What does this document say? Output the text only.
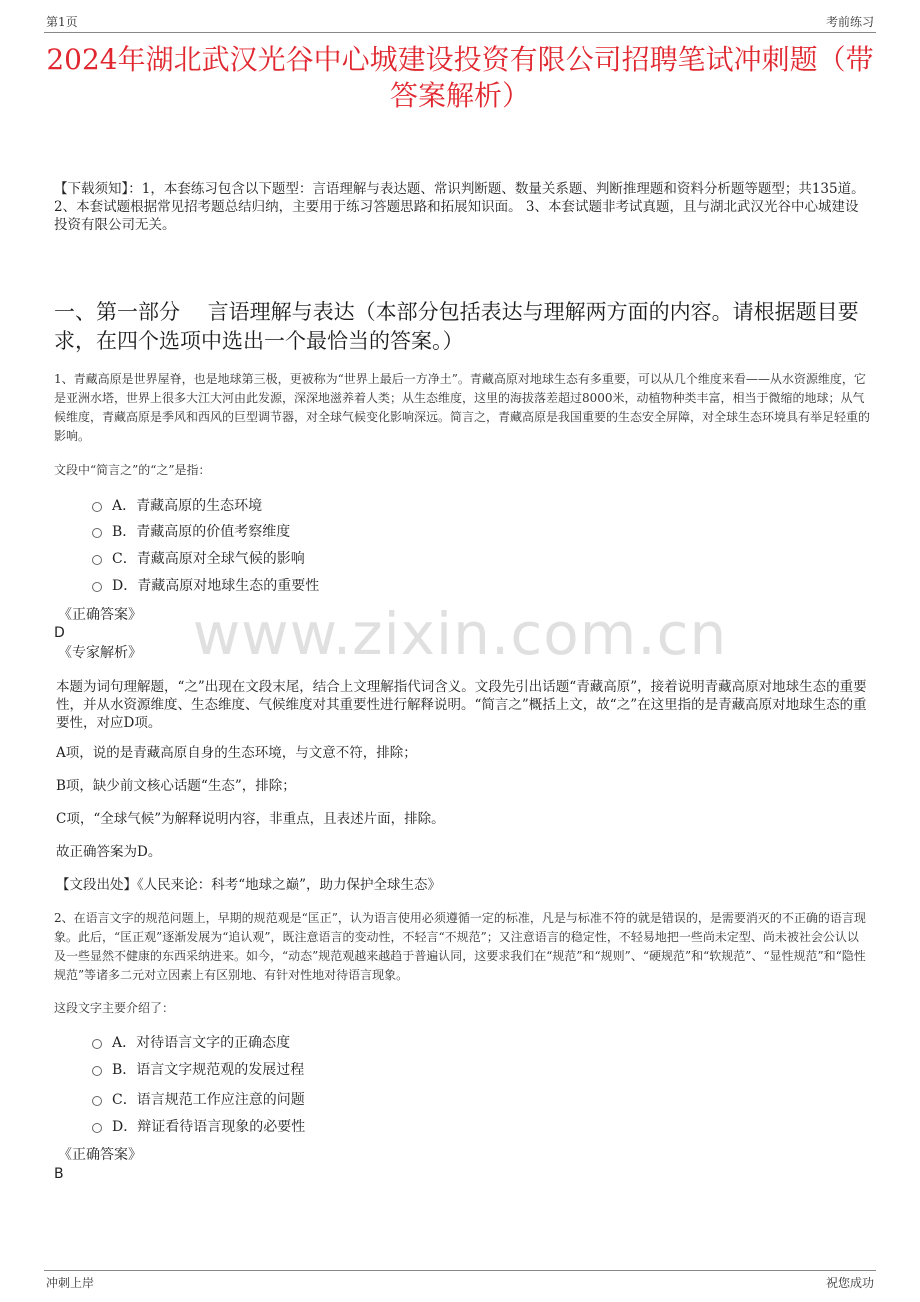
第1页	考前练习
2024年湖北武汉光谷中心城建设投资有限公司招聘笔试冲刺题（带答案解析）
【下载须知】：1，本套练习包含以下题型：言语理解与表达题、常识判断题、数量关系题、判断推理题和资料分析题等题型；共135道。 2、本套试题根据常见招考题总结归纳，主要用于练习答题思路和拓展知识面。 3、本套试题非考试真题，且与湖北武汉光谷中心城建设投资有限公司无关。
一、第一部分　 言语理解与表达（本部分包括表达与理解两方面的内容。请根据题目要求，在四个选项中选出一个最恰当的答案。）
1、青藏高原是世界屋脊，也是地球第三极，更被称为“世界上最后一方净土”。青藏高原对地球生态有多重要，可以从几个维度来看——从水资源维度，它是亚洲水塔，世界上很多大江大河由此发源，深深地滋养着人类；从生态维度，这里的海拔落差超过8000米，动植物种类丰富，相当于微缩的地球；从气候维度，青藏高原是季风和西风的巨型调节器，对全球气候变化影响深远。简言之，青藏高原是我国重要的生态安全屏障，对全球生态环境具有举足轻重的影响。
文段中“简言之”的“之”是指：
A．青藏高原的生态环境
B．青藏高原的价值考察维度
C．青藏高原对全球气候的影响
D．青藏高原对地球生态的重要性
《正确答案》
D
《专家解析》
本题为词句理解题，“之”出现在文段末尾，结合上文理解指代词含义。文段先引出话题“青藏高原”，接着说明青藏高原对地球生态的重要性，并从水资源维度、生态维度、气候维度对其重要性进行解释说明。“简言之”概括上文，故“之”在这里指的是青藏高原对地球生态的重要性，对应D项。
A项，说的是青藏高原自身的生态环境，与文意不符，排除；
B项，缺少前文核心话题“生态”，排除；
C项，“全球气候”为解释说明内容，非重点，且表述片面，排除。
故正确答案为D。
【文段出处】《人民来论：科考“地球之巅”，助力保护全球生态》
2、在语言文字的规范问题上，早期的规范观是“匡正”，认为语言使用必须遵循一定的标准，凡是与标准不符的就是错误的，是需要消灭的不正确的语言现象。此后，“匡正观”逐渐发展为“追认观”，既注意语言的变动性，不轻言“不规范”；又注意语言的稳定性，不轻易地把一些尚未定型、尚未被社会公认以及一些显然不健康的东西采纳进来。如今，“动态”规范观越来越趋于普遍认同，这要求我们在“规范”和“规则”、“硬规范”和“软规范”、“显性规范”和“隐性规范”等诸多二元对立因素上有区别地、有针对性地对待语言现象。
这段文字主要介绍了：
A．对待语言文字的正确态度
B．语言文字规范观的发展过程
C．语言规范工作应注意的问题
D．辩证看待语言现象的必要性
《正确答案》
B
www.zixin.com.cn
冲刺上岸	祝您成功
